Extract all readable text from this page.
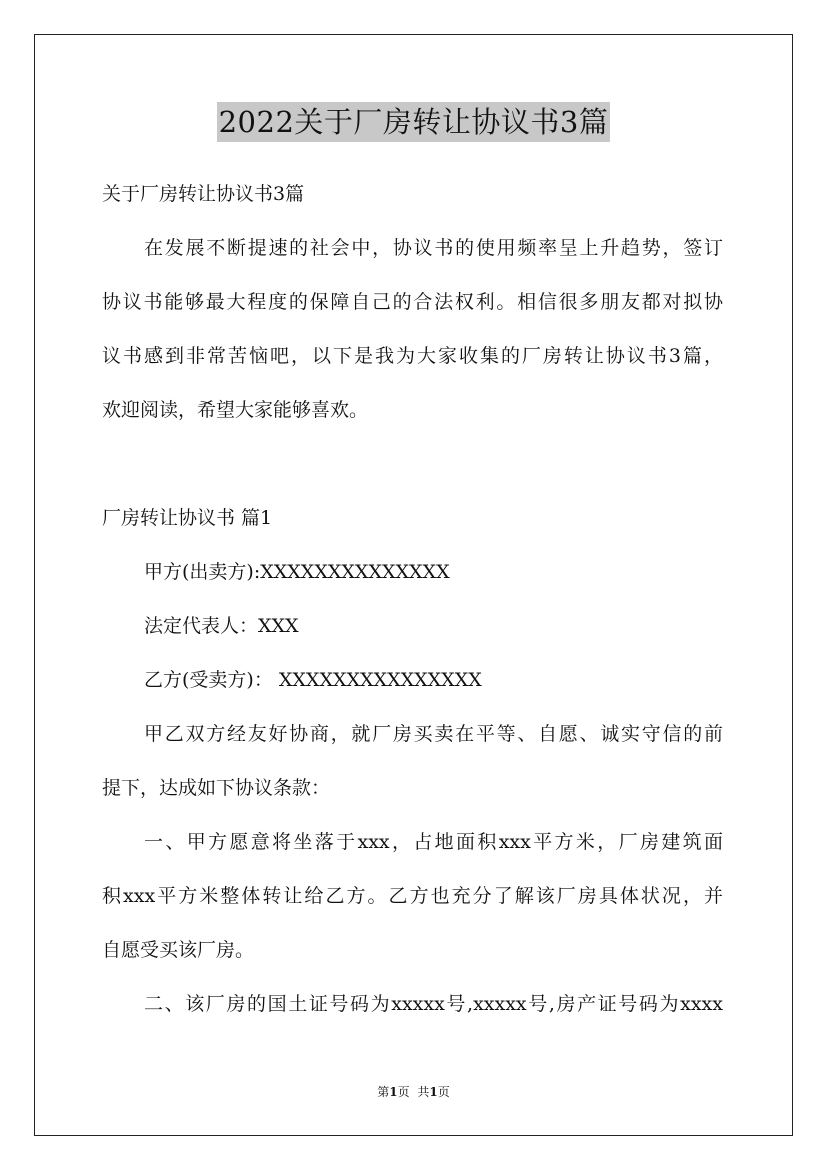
2022关于厂房转让协议书3篇
关于厂房转让协议书3篇
在发展不断提速的社会中，协议书的使用频率呈上升趋势，签订
协议书能够最大程度的保障自己的合法权利。相信很多朋友都对拟协
议书感到非常苦恼吧，以下是我为大家收集的厂房转让协议书3篇，
欢迎阅读，希望大家能够喜欢。
厂房转让协议书 篇1
甲方(出卖方):XXXXXXXXXXXXXX
法定代表人：XXX
乙方(受卖方)： XXXXXXXXXXXXXXX
甲乙双方经友好协商，就厂房买卖在平等、自愿、诚实守信的前
提下，达成如下协议条款：
一、甲方愿意将坐落于xxx，占地面积xxx平方米，厂房建筑面
积xxx平方米整体转让给乙方。乙方也充分了解该厂房具体状况，并
自愿受买该厂房。
二、该厂房的国土证号码为xxxxx号,xxxxx号,房产证号码为xxxx
第1页 共1页
